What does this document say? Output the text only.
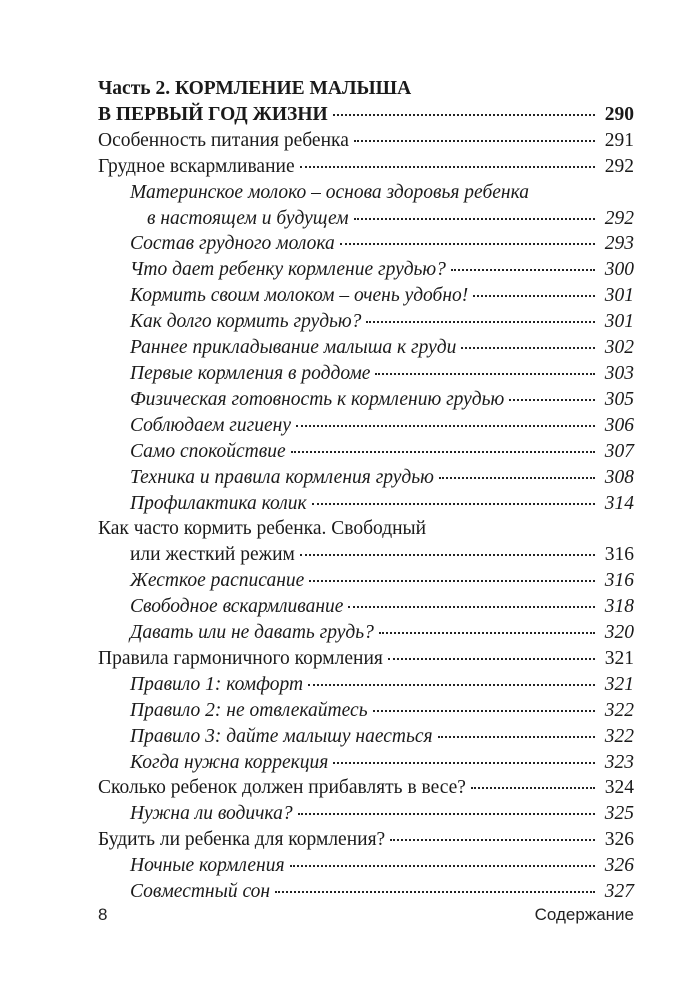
Часть 2. КОРМЛЕНИЕ МАЛЫША
В ПЕРВЫЙ ГОД ЖИЗНИ	290
Особенность питания ребенка	291
Грудное вскармливание	292
Материнское молоко – основа здоровья ребенка
в настоящем и будущем	292
Состав грудного молока	293
Что дает ребенку кормление грудью?	300
Кормить своим молоком – очень удобно!	301
Как долго кормить грудью?	301
Раннее прикладывание малыша к груди	302
Первые кормления в роддоме	303
Физическая готовность к кормлению грудью	305
Соблюдаем гигиену	306
Само спокойствие	307
Техника и правила кормления грудью	308
Профилактика колик	314
Как часто кормить ребенка. Свободный
или жесткий режим	316
Жесткое расписание	316
Свободное вскармливание	318
Давать или не давать грудь?	320
Правила гармоничного кормления	321
Правило 1: комфорт	321
Правило 2: не отвлекайтесь	322
Правило 3: дайте малышу наесться	322
Когда нужна коррекция	323
Сколько ребенок должен прибавлять в весе?	324
Нужна ли водичка?	325
Будить ли ребенка для кормления?	326
Ночные кормления	326
Совместный сон	327
8	Содержание
